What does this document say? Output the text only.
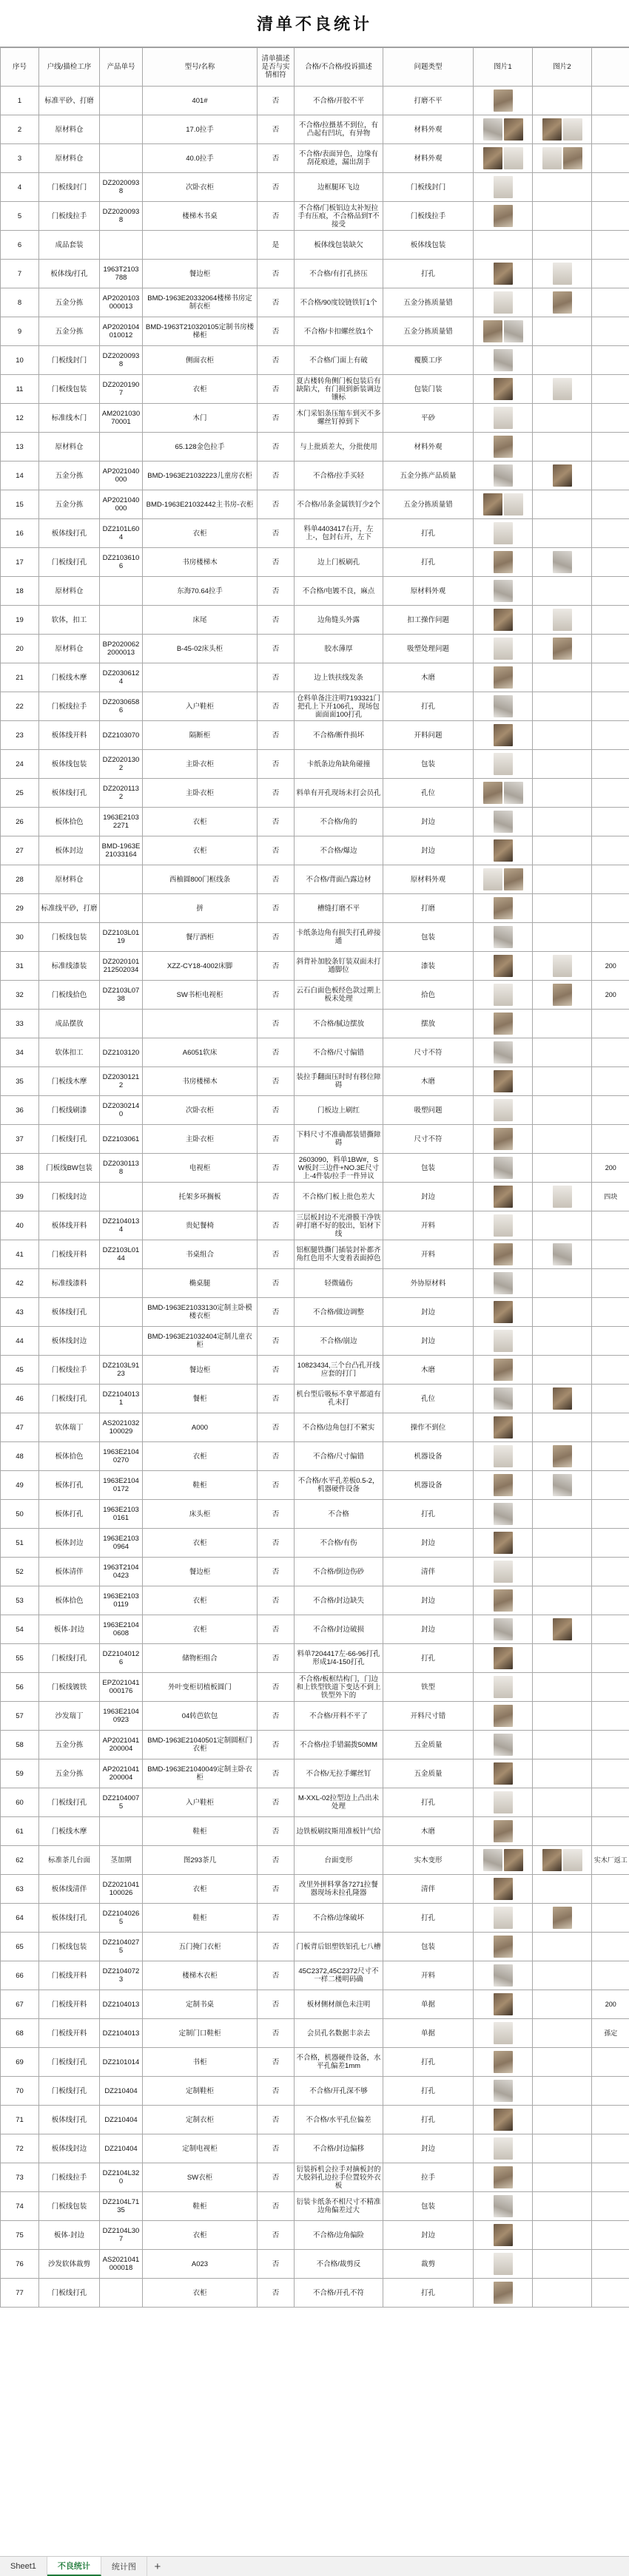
清单不良统计
序号	户线/描检工序	产品单号	型号/名称	清单描述是否与实情相符	合格/不合格/投诉描述	问题类型	图片1	图片2	
1	标准平砂、打磨		401#	否	不合格/开胶不平	打磨不平			
2	原材料仓		17.0拉手	否	不合格/拉摄基不到位，有凸起有凹坑，有异物	材料外观			
3	原材料仓		40.0拉手	否	不合格/表面异色，边缘有刮花痕迹，漏出刮手	材料外观			
4	门板线封门	DZ20200938	次卧衣柜	否	边框腿环飞边	门板线封门			
5	门板线拉手	DZ20200938	楼梯木书桌	否	不合格/门板铝边太补短拉手有压痕，不合格品到T不接受	门板线拉手			
6	成品套装			是	板体线包装缺欠	板体线包装			
7	板体线/打孔	1963T2103788	餐边柜	否	不合格/有打孔挤压	打孔			
8	五金分拣	AP2020103000013	BMD-1963E20332064楼梯书房定制衣柜	否	不合格/90度铰链铁钉1个	五金分拣质量错			
9	五金分拣	AP2020104010012	BMD-1963T210320105定制书房楼梯柜	否	不合格/卡扣螺丝放1个	五金分拣质量错			
10	门板线封门	DZ20200938	侧面衣柜	否	不合格/门面上有破	覆膜工序			
11	门板线包装	DZ20201907	衣柜	否	夏古楼转角侧门板包装后有缺陷大，有门损到新装调边镶标	包装门装			
12	标准线木门	AM202103070001	木门	否	木门采铝条压缩车到灭不多螺丝钉掉到下	平砂			
13	原材料仓		65.128金色拉手	否	与上批质差大，分批使用	材料外观			
14	五金分拣	AP2021040000	BMD-1963E21032223儿童房衣柜	否	不合格/拉手买轻	五金分拣产品质量			
15	五金分拣	AP2021040000	BMD-1963E21032442主书房-衣柜	否	不合格/吊条金属铁钉少2个	五金分拣质量错			
16	板体线打孔	DZ2101L604	衣柜	否	料单4403417右开，左上-，包封右开，左下	打孔			
17	门板线打孔	DZ21036106	书房楼梯木	否	边上门板刷孔	打孔			
18	原材料仓		东海70.64拉手	否	不合格/电镀不良，麻点	原材料外观			
19	软体，扣工		床尾	否	边角缝头外露	扣工操作问题			
20	原材料仓	BP20200622000013	B-45-02床头柜	否	胶水薄厚	吸塑处理问题			
21	门板线木摩	DZ20306124		否	边上铁扶线发条	木磨			
22	门板线拉手	DZ20306586	入户鞋柜	否	仓料单备注注明7193321门把孔上下开106孔，现场包面面面100打孔	打孔			
23	板体线开料	DZ2103070	隔断柜	否	不合格/断件损坏	开料问题			
24	板体线包装	DZ20201302	主卧衣柜	否	卡纸条边角缺角碰撞	包装			
25	板体线打孔	DZ20201132	主卧衣柜	否	料单有开孔现场未打会员孔	孔位			
26	板体拾色	1963E21032271	衣柜	否	不合格/角的	封边			
27	板体封边	BMD-1963E21033164	衣柜	否	不合格/爆边	封边			
28	原材料仓		西柚圆800门框线条	否	不合格/背面凸露边材	原材料外观			
29	标准线平砂，打磨		拼	否	槽缝打磨不平	打磨			
30	门板线包装	DZ2103L0119	餐厅酒柜	否	卡纸条边角有损失打孔碎接通	包装			
31	标准线漆装	DZ2020101212502034	XZZ-CY18-4002床脚	否	斜背补加胶条钉装双面未打通脚位	漆装			200
32	门板线拾色	DZ2103L0738	SW书柜电视柜	否	云石白面色板经色款过期上板未处理	拾色			200
33	成品摆放			否	不合格/腻边摆放	摆放			
34	软体扣工	DZ2103120	A6051软床	否	不合格/尺寸偏错	尺寸不符			
35	门板线木摩	DZ20301212	书房楼梯木	否	装拉手翻面压时时有移位障碍	木磨			
36	门板线刷漆	DZ20302140	次卧衣柜	否	门板边上刷红	吸塑问题			
37	门板线打孔	DZ2103061	主卧衣柜	否	下料尺寸不准确都装错撕障碍	尺寸不符			
38	门板线BW包装	DZ20301138	电视柜	否	2603090，料单1BW#，SW板封三边件+NO.3E尺寸上-4件装/拉手一件异议	包装			200
39	门板线封边		托架多环搁板	否	不合格/门板上批色差大	封边			四块
40	板体线开料	DZ21040134	贵妃餐椅	否	三层板封边不光滑膜干净铁碎打磨不好的胶出，铝材下线	开料			
41	门板线开料	DZ2103L0144	书桌组合	否	铝框腿铁撕门插装封补都齐角红色用不大变着表面掉色	开料			
42	标准线漆料		椭桌腿	否	轻微磕伤	外协原材料			
43	板体线打孔		BMD-1963E21033130定制主卧模楼衣柜	否	不合格/做边调整	封边			
44	板体线封边		BMD-1963E21032404定制儿童衣柜	否	不合格/崩边	封边			
45	门板线拉手	DZ2103L9123	餐边柜	否	10823434,三个台凸孔开线应套的打门	木磨			
46	门板线打孔	DZ21040131	餐柜	否	机台型后吸标不拿平都道有孔未打	孔位			
47	软体瑞丁	AS2021032100029	A000	否	不合格/边角包打不紧实	操作不到位			
48	板体拾色	1963E21040270	衣柜	否	不合格/尺寸偏错	机器设备			
49	板体打孔	1963E21040172	鞋柜	否	不合格/水平孔差板0.5-2，机器硬件设备	机器设备			
50	板体打孔	1963E21030161	床头柜	否	不合格	打孔			
51	板体封边	1963E21030964	衣柜	否	不合格/有伤	封边			
52	板体清伴	1963T21040423	餐边柜	否	不合格/倒边伤砂	清伴			
53	板体拾色	1963E21030119	衣柜	否	不合格/封边缺失	封边			
54	板体·封边	1963E21040608	衣柜	否	不合格/封边破损	封边			
55	门板线打孔	DZ21040126	储物柜组合	否	料单7204417左-66-96打孔形成1/4-150打孔	打孔			
56	门板线镀铁	EPZ021041000176	外叶变柜切植板圆门	否	不合格/板框结构门，门边和上铁型铁道下变达不到上铁型外下的	铁型			
57	沙发瑞丁	1963E21040923	04转芭软包	否	不合格/开料不平了	开料尺寸错			
58	五金分拣	AP2021041200004	BMD-1963E21040501定制圆框门衣柜	否	不合格/拉手错漏拨50MM	五金质量			
59	五金分拣	AP2021041200004	BMD-1963E21040049定制主卧衣柜	否	不合格/无拉手螺丝钉	五金质量			
60	门板线打孔	DZ21040075	入户鞋柜	否	M-XXL-02拉型边上凸出未处理	打孔			
61	门板线木摩		鞋柜	否	边铁板刷纹斯用准板针气给	木磨			
62	标准茶几台面	茎加期	图293茶几	否	台面变形	实木变形			实木厂返工
63	板体线清伴	DZ2021041100026	衣柜	否	改里外拼料掌备7271拉餐器现场未拉孔隆器	清伴			
64	板体线打孔	DZ21040265	鞋柜	否	不合格/边缘破坏	打孔			
65	门板线包装	DZ21040275	五门掩门衣柜	否	门板背后铝塑铁铝孔七八槽	包装			
66	门板线开料	DZ21040723	楼梯木衣柜	否	45C2372,45C2372尺寸不一样二楼明码确	开料			
67	门板线开料	DZ2104013	定制书桌	否	板材侧材颜色未注明	单据			200
68	门板线开料	DZ2104013	定制门口鞋柜	否	会员孔名数据丰亲去	单据			孫定
69	门板线打孔	DZ2101014	书柜	否	不合格，机器硬件设备，水平孔偏差1mm	打孔			
70	门板线打孔	DZ210404	定制鞋柜	否	不合格/开孔深不够	打孔			
71	板体线打孔	DZ210404	定制衣柜	否	不合格/水平孔位偏差	打孔			
72	板体线封边	DZ210404	定制电视柜	否	不合格/封边偏移	封边			
73	门板线拉手	DZ2104L320	SW衣柜	否	衍装拆机会拉手对摘板封的大胶斜孔边拉手位置较外衣板	拉手			
74	门板线包装	DZ2104L7135	鞋柜	否	衍装卡纸条不相尺寸不精准边角偏差过大	包装			
75	板体·封边	DZ2104L307	衣柜	否	不合格/边角偏险	封边			
76	沙发软体裁剪	AS2021041000018	A023	否	不合格/裁剪反	裁剪			
77	门板线打孔		衣柜	否	不合格/开孔不符	打孔			
Sheet1	不良统计	统计图	+
